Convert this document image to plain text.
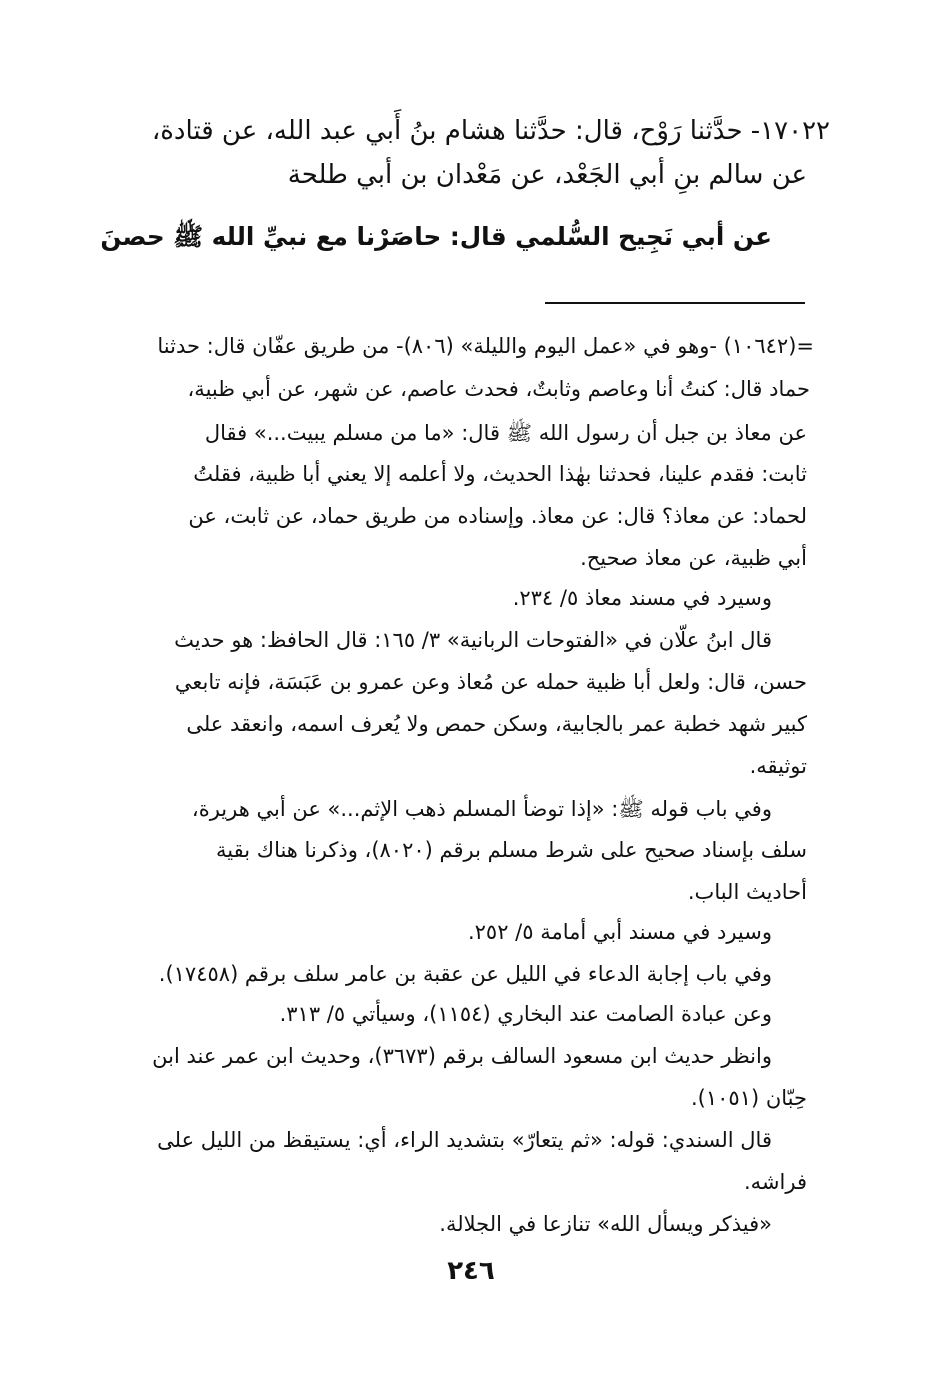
١٧٠٢٢- حدَّثنا رَوْح، قال: حدَّثنا هشام بنُ أَبي عبد الله، عن قتادة،
عن سالم بنِ أبي الجَعْد، عن مَعْدان بن أبي طلحة
عن أبي نَجِيح السُّلمي قال: حاصَرْنا مع نبيِّ الله ﷺ حصنَ
=(١٠٦٤٢) -وهو في «عمل اليوم والليلة» (٨٠٦)- من طريق عفّان قال: حدثنا
حماد قال: كنتُ أنا وعاصم وثابتٌ، فحدث عاصم، عن شهر، عن أبي ظبية،
عن معاذ بن جبل أن رسول الله ﷺ قال: «ما من مسلم يبيت...» فقال
ثابت: فقدم علينا، فحدثنا بهٰذا الحديث، ولا أعلمه إلا يعني أبا ظبية، فقلتُ
لحماد: عن معاذ؟ قال: عن معاذ. وإسناده من طريق حماد، عن ثابت، عن
أبي ظبية، عن معاذ صحيح.
وسيرد في مسند معاذ ٥/ ٢٣٤.
قال ابنُ علّان في «الفتوحات الربانية» ٣/ ١٦٥: قال الحافظ: هو حديث
حسن، قال: ولعل أبا ظبية حمله عن مُعاذ وعن عمرو بن عَبَسَة، فإنه تابعي
كبير شهد خطبة عمر بالجابية، وسكن حمص ولا يُعرف اسمه، وانعقد على
توثيقه.
وفي باب قوله ﷺ: «إذا توضأ المسلم ذهب الإثم...» عن أبي هريرة،
سلف بإسناد صحيح على شرط مسلم برقم (٨٠٢٠)، وذكرنا هناك بقية
أحاديث الباب.
وسيرد في مسند أبي أمامة ٥/ ٢٥٢.
وفي باب إجابة الدعاء في الليل عن عقبة بن عامر سلف برقم (١٧٤٥٨).
وعن عبادة الصامت عند البخاري (١١٥٤)، وسيأتي ٥/ ٣١٣.
وانظر حديث ابن مسعود السالف برقم (٣٦٧٣)، وحديث ابن عمر عند ابن
حِبّان (١٠٥١).
قال السندي: قوله: «ثم يتعارّ» بتشديد الراء، أي: يستيقظ من الليل على
فراشه.
«فيذكر ويسأل الله» تنازعا في الجلالة.
٢٤٦
